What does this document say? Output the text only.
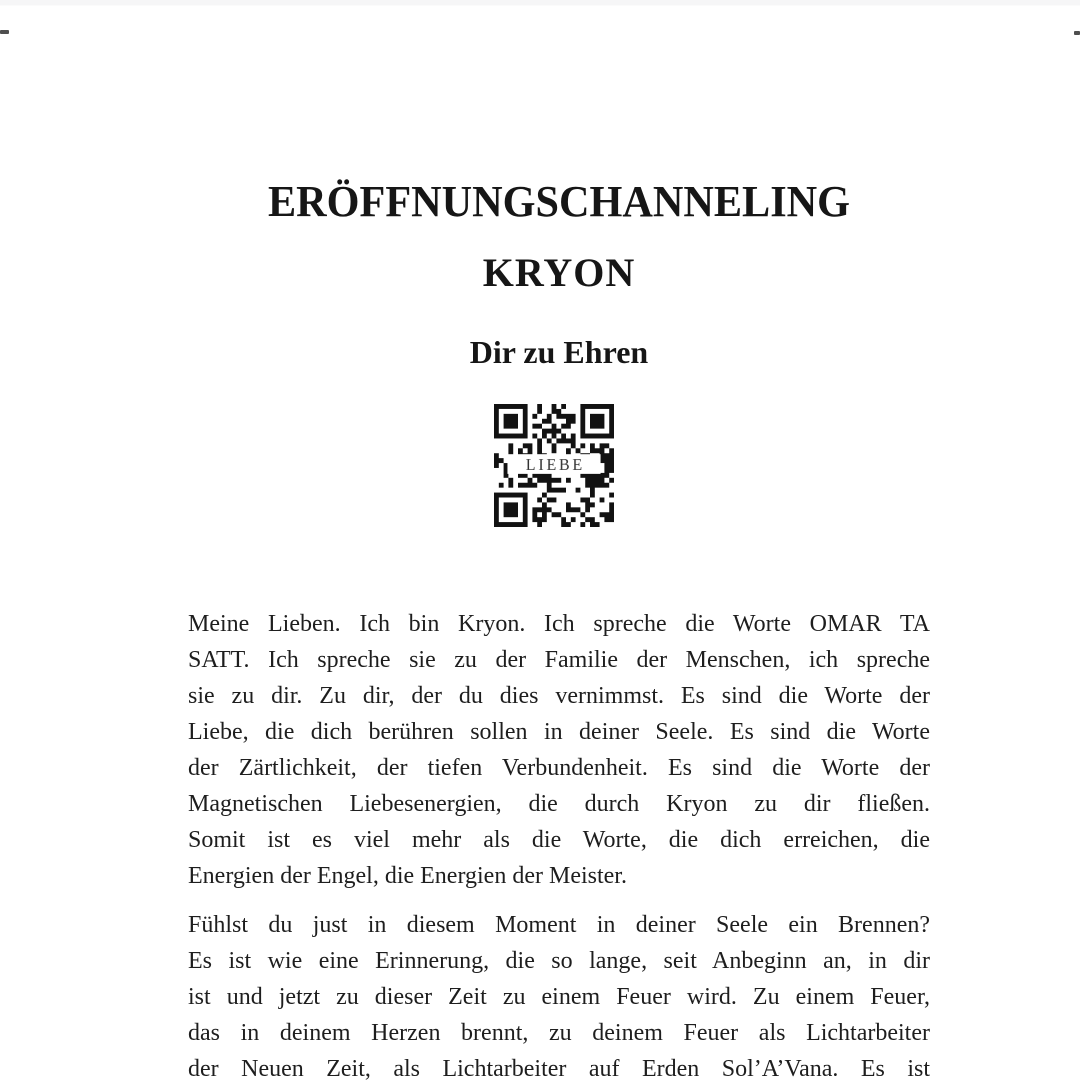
ERÖFFNUNGSCHANNELING
KRYON
Dir zu Ehren
Meine Lieben. Ich bin Kryon. Ich spreche die Worte OMAR TA
SATT. Ich spreche sie zu der Familie der Menschen, ich spreche
sie zu dir. Zu dir, der du dies vernimmst. Es sind die Worte der
Liebe, die dich berühren sollen in deiner Seele. Es sind die Worte
der Zärtlichkeit, der tiefen Verbundenheit. Es sind die Worte der
Magnetischen Liebesenergien, die durch Kryon zu dir fließen.
Somit ist es viel mehr als die Worte, die dich erreichen, die
Energien der Engel, die Energien der Meister.
Fühlst du just in diesem Moment in deiner Seele ein Brennen?
Es ist wie eine Erinnerung, die so lange, seit Anbeginn an, in dir
ist und jetzt zu dieser Zeit zu einem Feuer wird. Zu einem Feuer,
das in deinem Herzen brennt, zu deinem Feuer als Lichtarbeiter
der Neuen Zeit, als Lichtarbeiter auf Erden Sol’A’Vana. Es ist
